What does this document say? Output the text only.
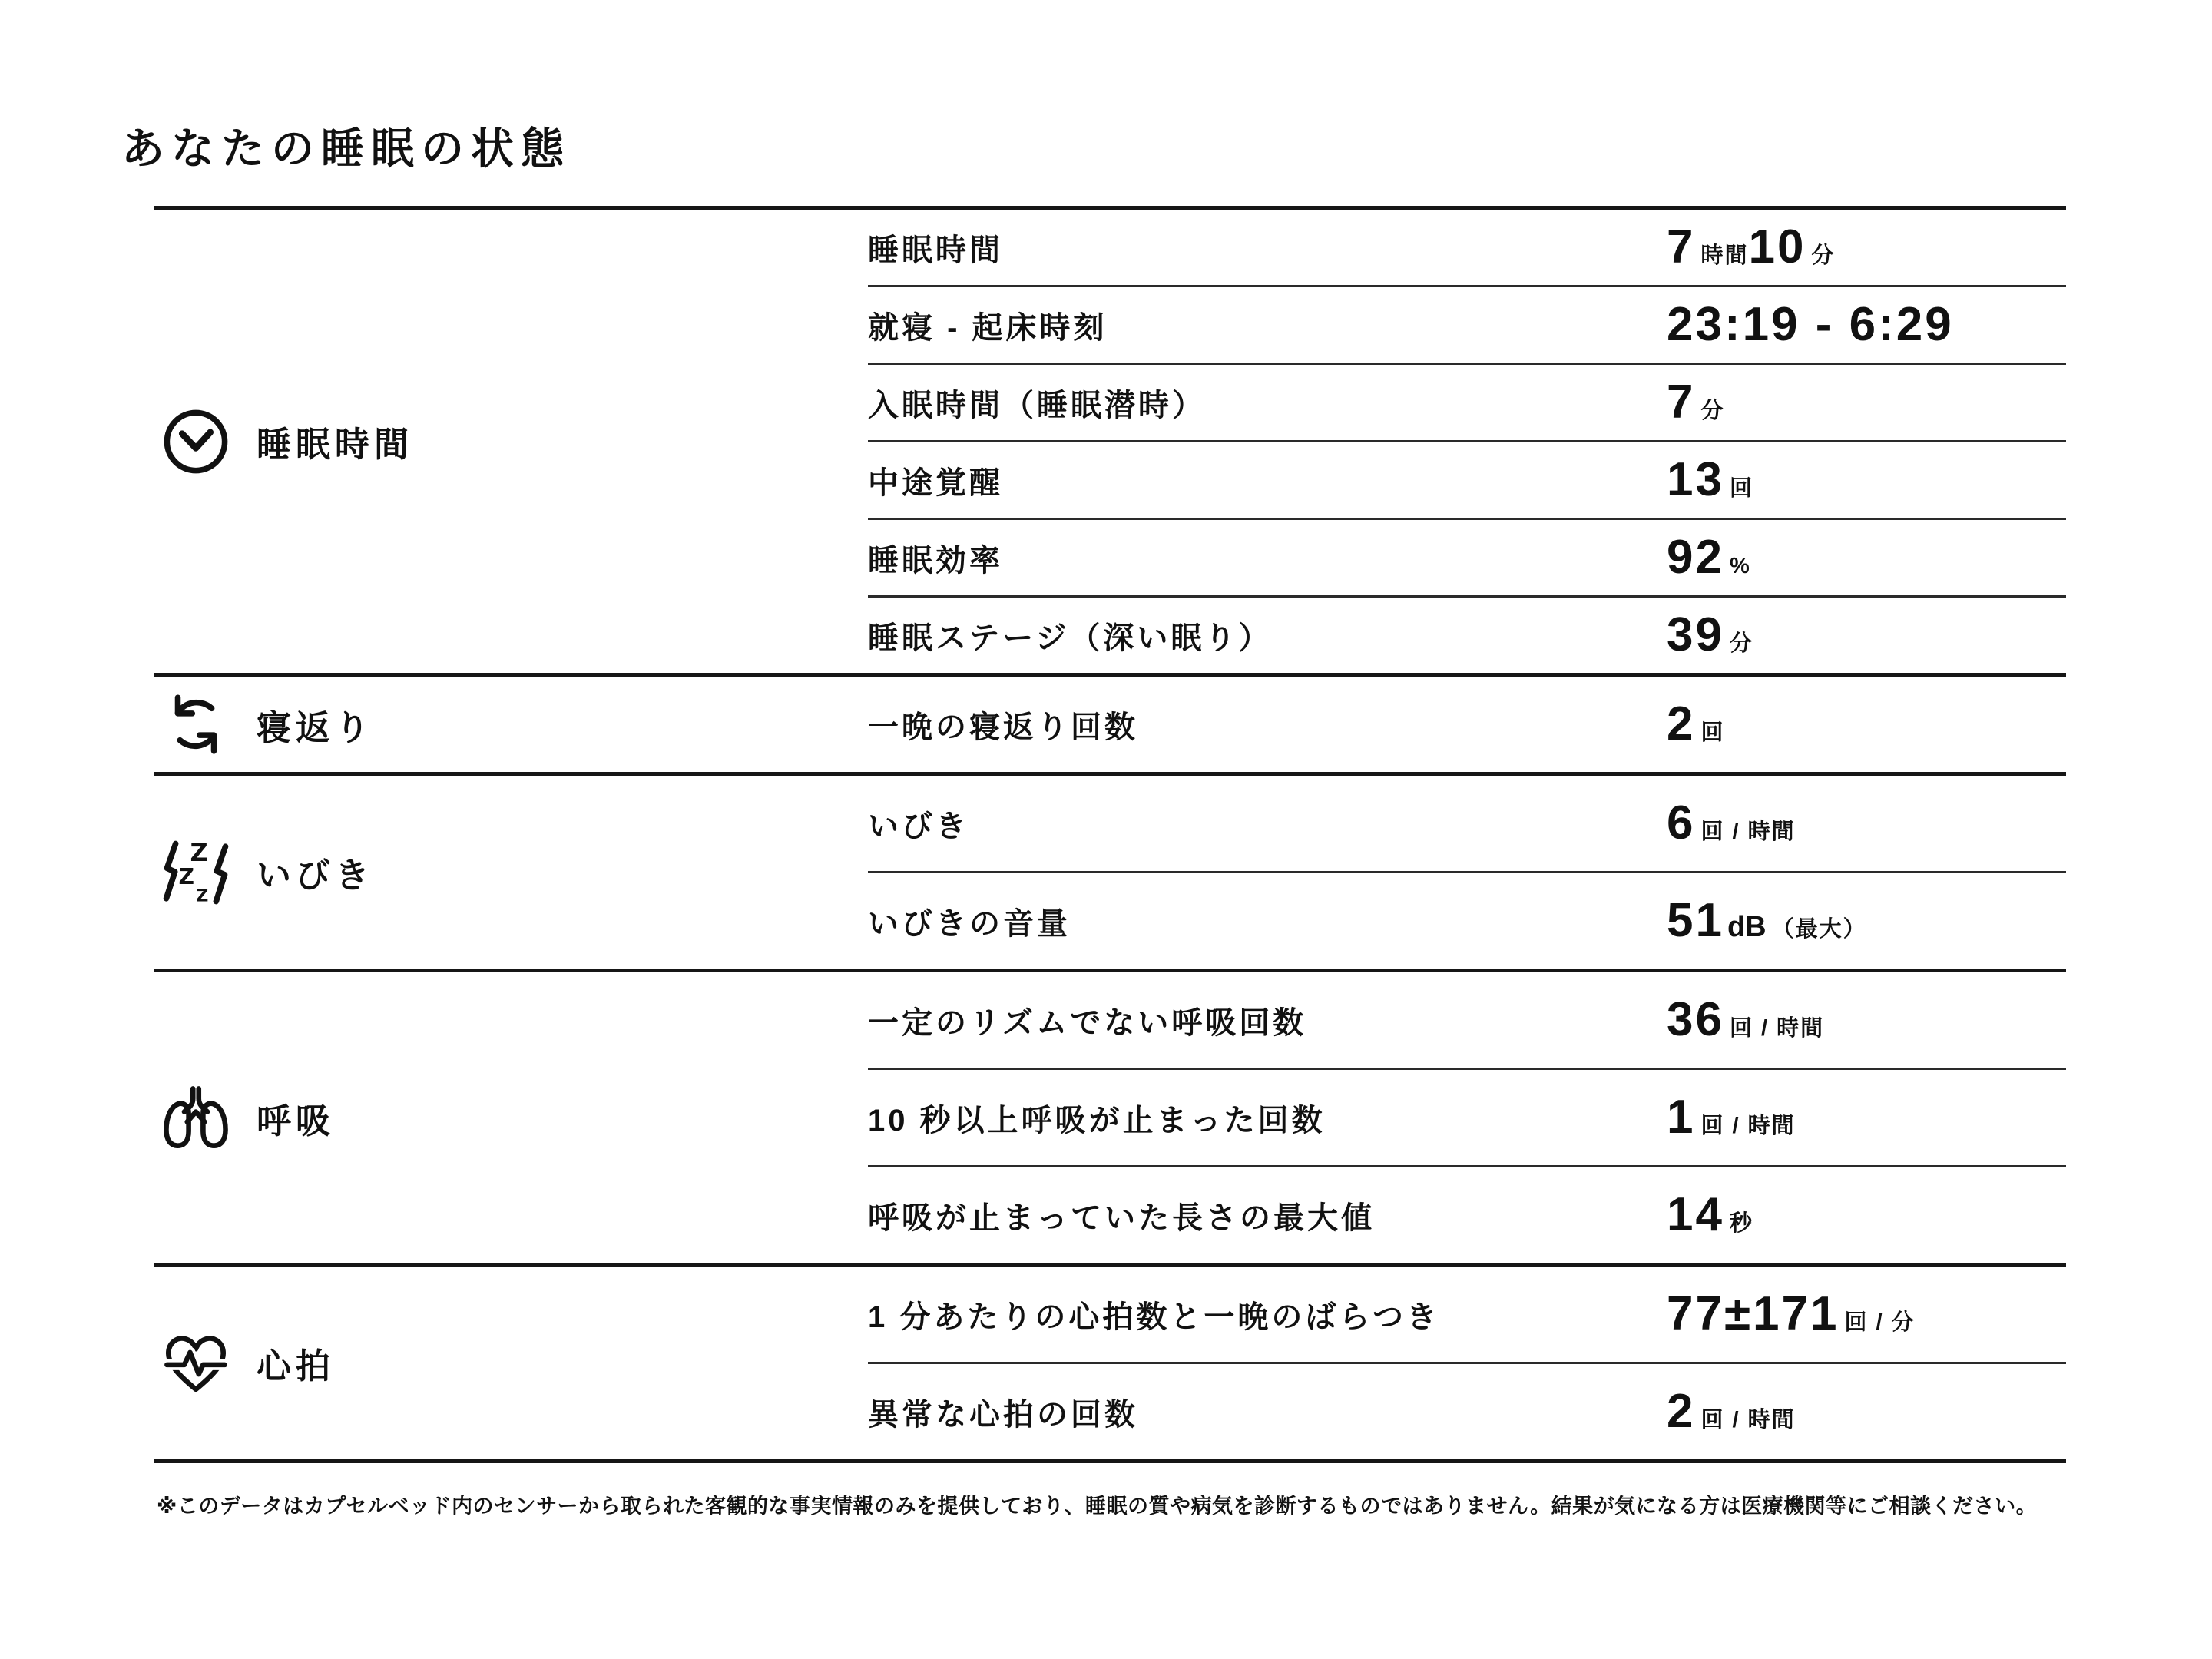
あなたの睡眠の状態
睡眠時間
睡眠時間	7 時間 10 分
就寝 - 起床時刻	23:19 - 6:29
入眠時間（睡眠潜時）	7 分
中途覚醒	13 回
睡眠効率	92 %
睡眠ステージ（深い眠り）	39 分
寝返り	一晩の寝返り回数	2 回
Z
Z
Z
いびき
いびき	6 回 / 時間
いびきの音量	51 dB （最大）
呼吸
一定のリズムでない呼吸回数	36 回 / 時間
10 秒以上呼吸が止まった回数	1 回 / 時間
呼吸が止まっていた長さの最大値	14 秒
心拍
1 分あたりの心拍数と一晩のばらつき	77±171 回 / 分
異常な心拍の回数	2 回 / 時間

※このデータはカプセルベッド内のセンサーから取られた客観的な事実情報のみを提供しており、睡眠の質や病気を診断するものではありません。結果が気になる方は医療機関等にご相談ください。
